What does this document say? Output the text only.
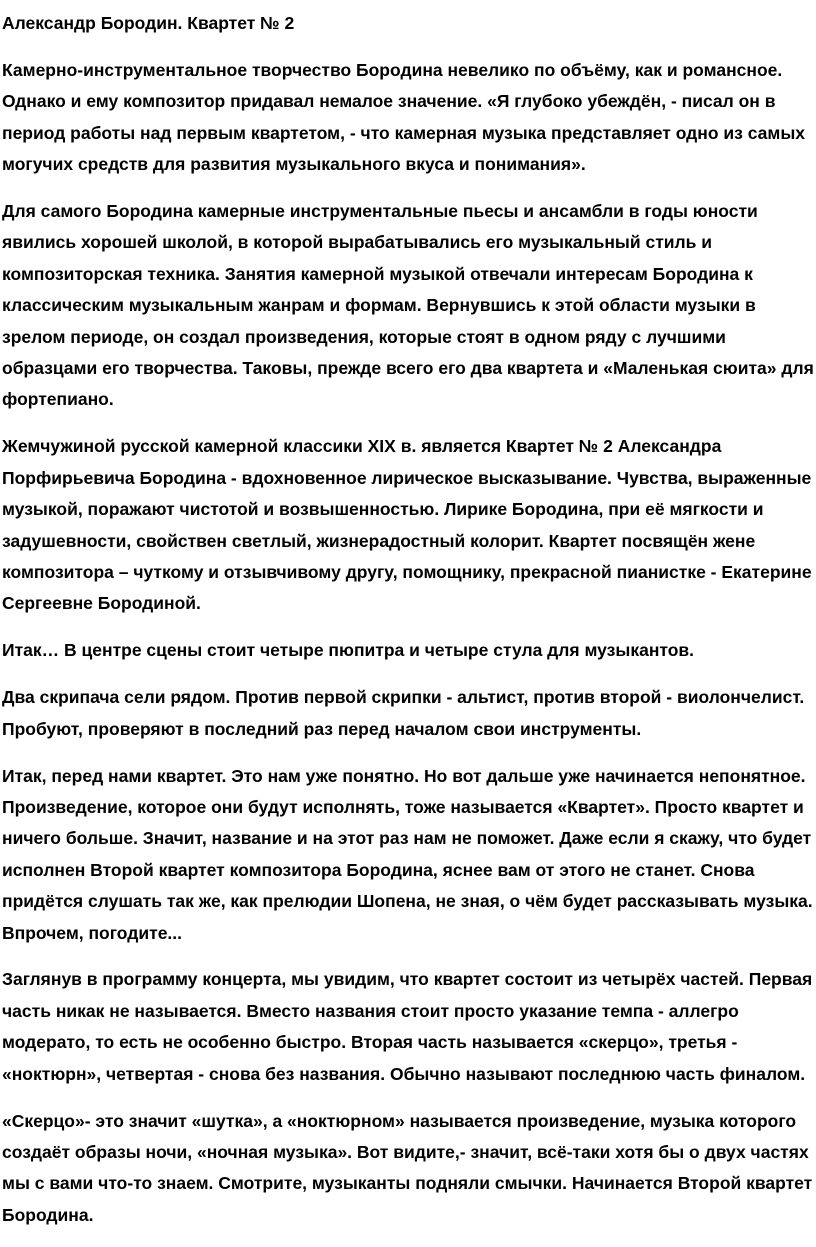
Александр Бородин. Квартет № 2

Камерно-инструментальное творчество Бородина невелико по объёму, как и романсное. Однако и ему композитор придавал немалое значение. «Я глубоко убеждён, - писал он в период работы над первым квартетом, - что камерная музыка представляет одно из самых могучих средств для развития музыкального вкуса и понимания».

Для самого Бородина камерные инструментальные пьесы и ансамбли в годы юности явились хорошей школой, в которой вырабатывались его музыкальный стиль и композиторская техника. Занятия камерной музыкой отвечали интересам Бородина к классическим музыкальным жанрам и формам. Вернувшись к этой области музыки в зрелом периоде, он создал произведения, которые стоят в одном ряду с лучшими образцами его творчества. Таковы, прежде всего его два квартета и «Маленькая сюита» для фортепиано.

Жемчужиной русской камерной классики XIX в. является Квартет № 2 Александра Порфирьевича Бородина - вдохновенное лирическое высказывание. Чувства, выраженные музыкой, поражают чистотой и возвышенностью. Лирике Бородина, при её мягкости и задушевности, свойствен светлый, жизнерадостный колорит. Квартет посвящён жене композитора – чуткому и отзывчивому другу, помощнику, прекрасной пианистке - Екатерине Сергеевне Бородиной.

Итак… В центре сцены стоит четыре пюпитра и четыре стула для музыкантов.

Два скрипача сели рядом. Против первой скрипки - альтист, против второй - виолончелист. Пробуют, проверяют в последний раз перед началом свои инструменты.

Итак, перед нами квартет. Это нам уже понятно. Но вот дальше уже начинается непонятное. Произведение, которое они будут исполнять, тоже называется «Квартет». Просто квартет и ничего больше. Значит, название и на этот раз нам не поможет. Даже если я скажу, что будет исполнен Второй квартет композитора Бородина, яснее вам от этого не станет. Снова придётся слушать так же, как прелюдии Шопена, не зная, о чём будет рассказывать музыка. Впрочем, погодите...

Заглянув в программу концерта, мы увидим, что квартет состоит из четырёх частей. Первая часть никак не называется. Вместо названия стоит просто указание темпа - аллегро модерато, то есть не особенно быстро. Вторая часть называется «скерцо», третья - «ноктюрн», четвертая - снова без названия. Обычно называют последнюю часть финалом.

«Скерцо»- это значит «шутка», а «ноктюрном» называется произведение, музыка которого создаёт образы ночи, «ночная музыка». Вот видите,- значит, всё-таки хотя бы о двух частях мы с вами что-то знаем. Смотрите, музыканты подняли смычки. Начинается Второй квартет Бородина.
